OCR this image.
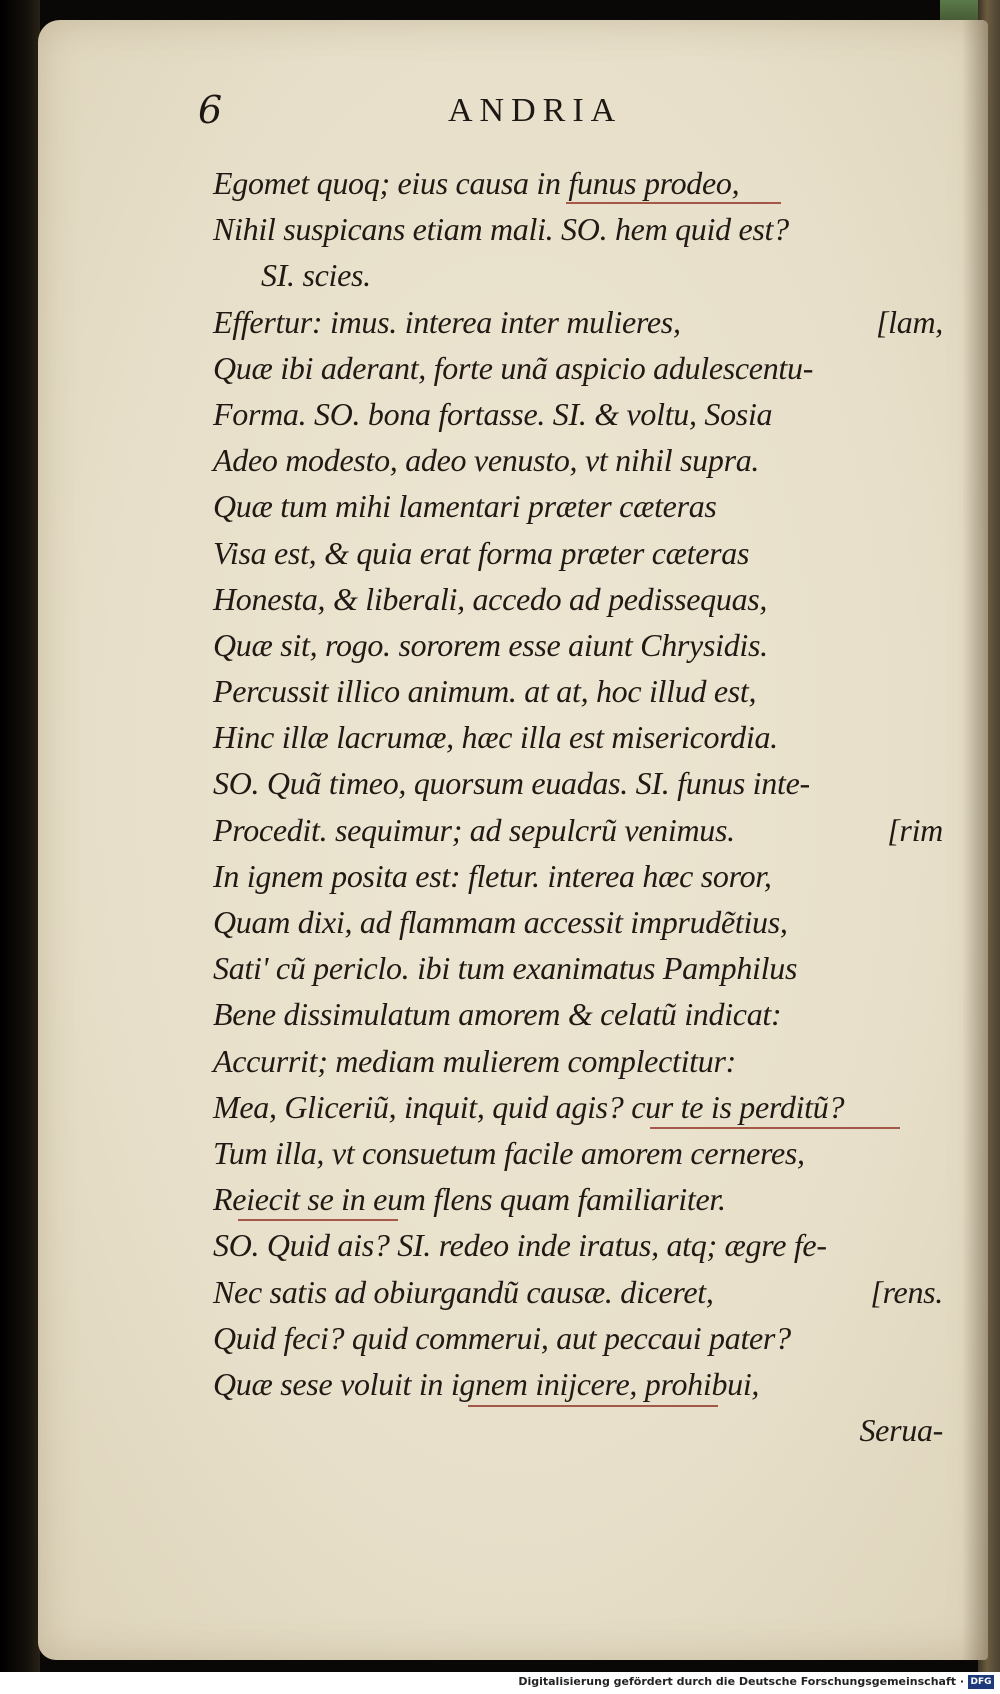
6	ANDRIA
Egomet quoq; eius causa in funus prodeo,
Nihil suspicans etiam mali. SO. hem quid est?
SI. scies.
Effertur: imus. interea inter mulieres,	[lam,
Quæ ibi aderant, forte unã aspicio adulescentu-
Forma. SO. bona fortasse. SI. & voltu, Sosia
Adeo modesto, adeo venusto, vt nihil supra.
Quæ tum mihi lamentari præter cæteras
Visa est, & quia erat forma præter cæteras
Honesta, & liberali, accedo ad pedissequas,
Quæ sit, rogo. sororem esse aiunt Chrysidis.
Percussit illico animum. at at, hoc illud est,
Hinc illæ lacrumæ, hæc illa est misericordia.
SO. Quã timeo, quorsum euadas. SI. funus inte-
Procedit. sequimur; ad sepulcrũ venimus.	[rim
In ignem posita est: fletur. interea hæc soror,
Quam dixi, ad flammam accessit imprudẽtius,
Sati' cũ periclo. ibi tum exanimatus Pamphilus
Bene dissimulatum amorem & celatũ indicat:
Accurrit; mediam mulierem complectitur:
Mea, Gliceriũ, inquit, quid agis? cur te is perditũ?
Tum illa, vt consuetum facile amorem cerneres,
Reiecit se in eum flens quam familiariter.
SO. Quid ais? SI. redeo inde iratus, atq; ægre fe-
Nec satis ad obiurgandũ causæ. diceret,	[rens.
Quid feci? quid commerui, aut peccaui pater?
Quæ sese voluit in ignem inijcere, prohibui,
Serua-
Digitalisierung gefördert durch die Deutsche Forschungsgemeinschaft · DFG
